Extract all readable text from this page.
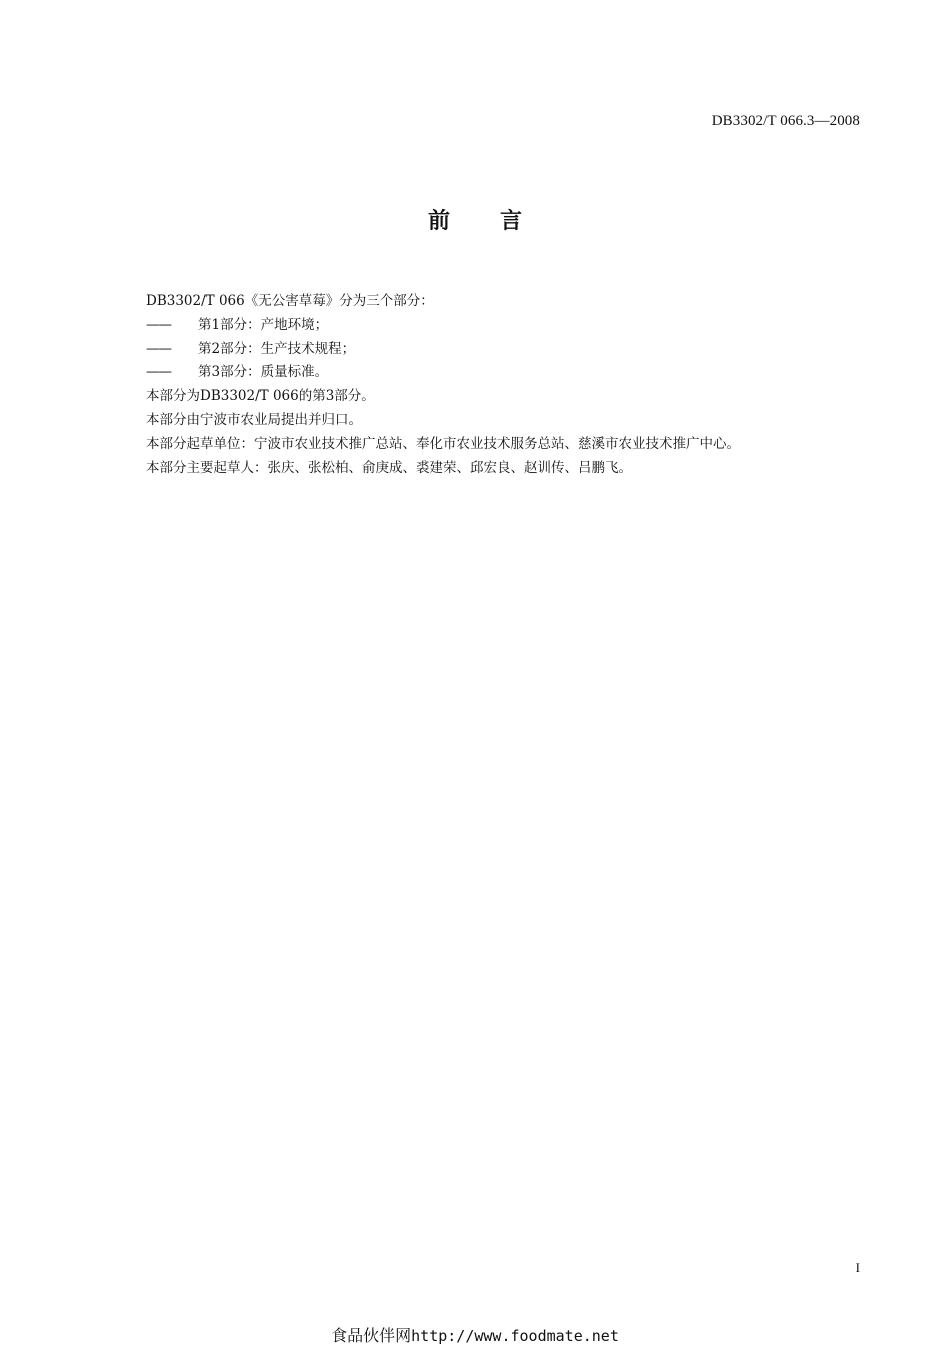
DB3302/T 066.3—2008
前 言
DB3302/T 066《无公害草莓》分为三个部分：
—— 第1部分：产地环境；
—— 第2部分：生产技术规程；
—— 第3部分：质量标准。
本部分为DB3302/T 066的第3部分。
本部分由宁波市农业局提出并归口。
本部分起草单位：宁波市农业技术推广总站、奉化市农业技术服务总站、慈溪市农业技术推广中心。
本部分主要起草人：张庆、张松柏、俞庚成、裘建荣、邱宏良、赵训传、吕鹏飞。
I
食品伙伴网http://www.foodmate.net
